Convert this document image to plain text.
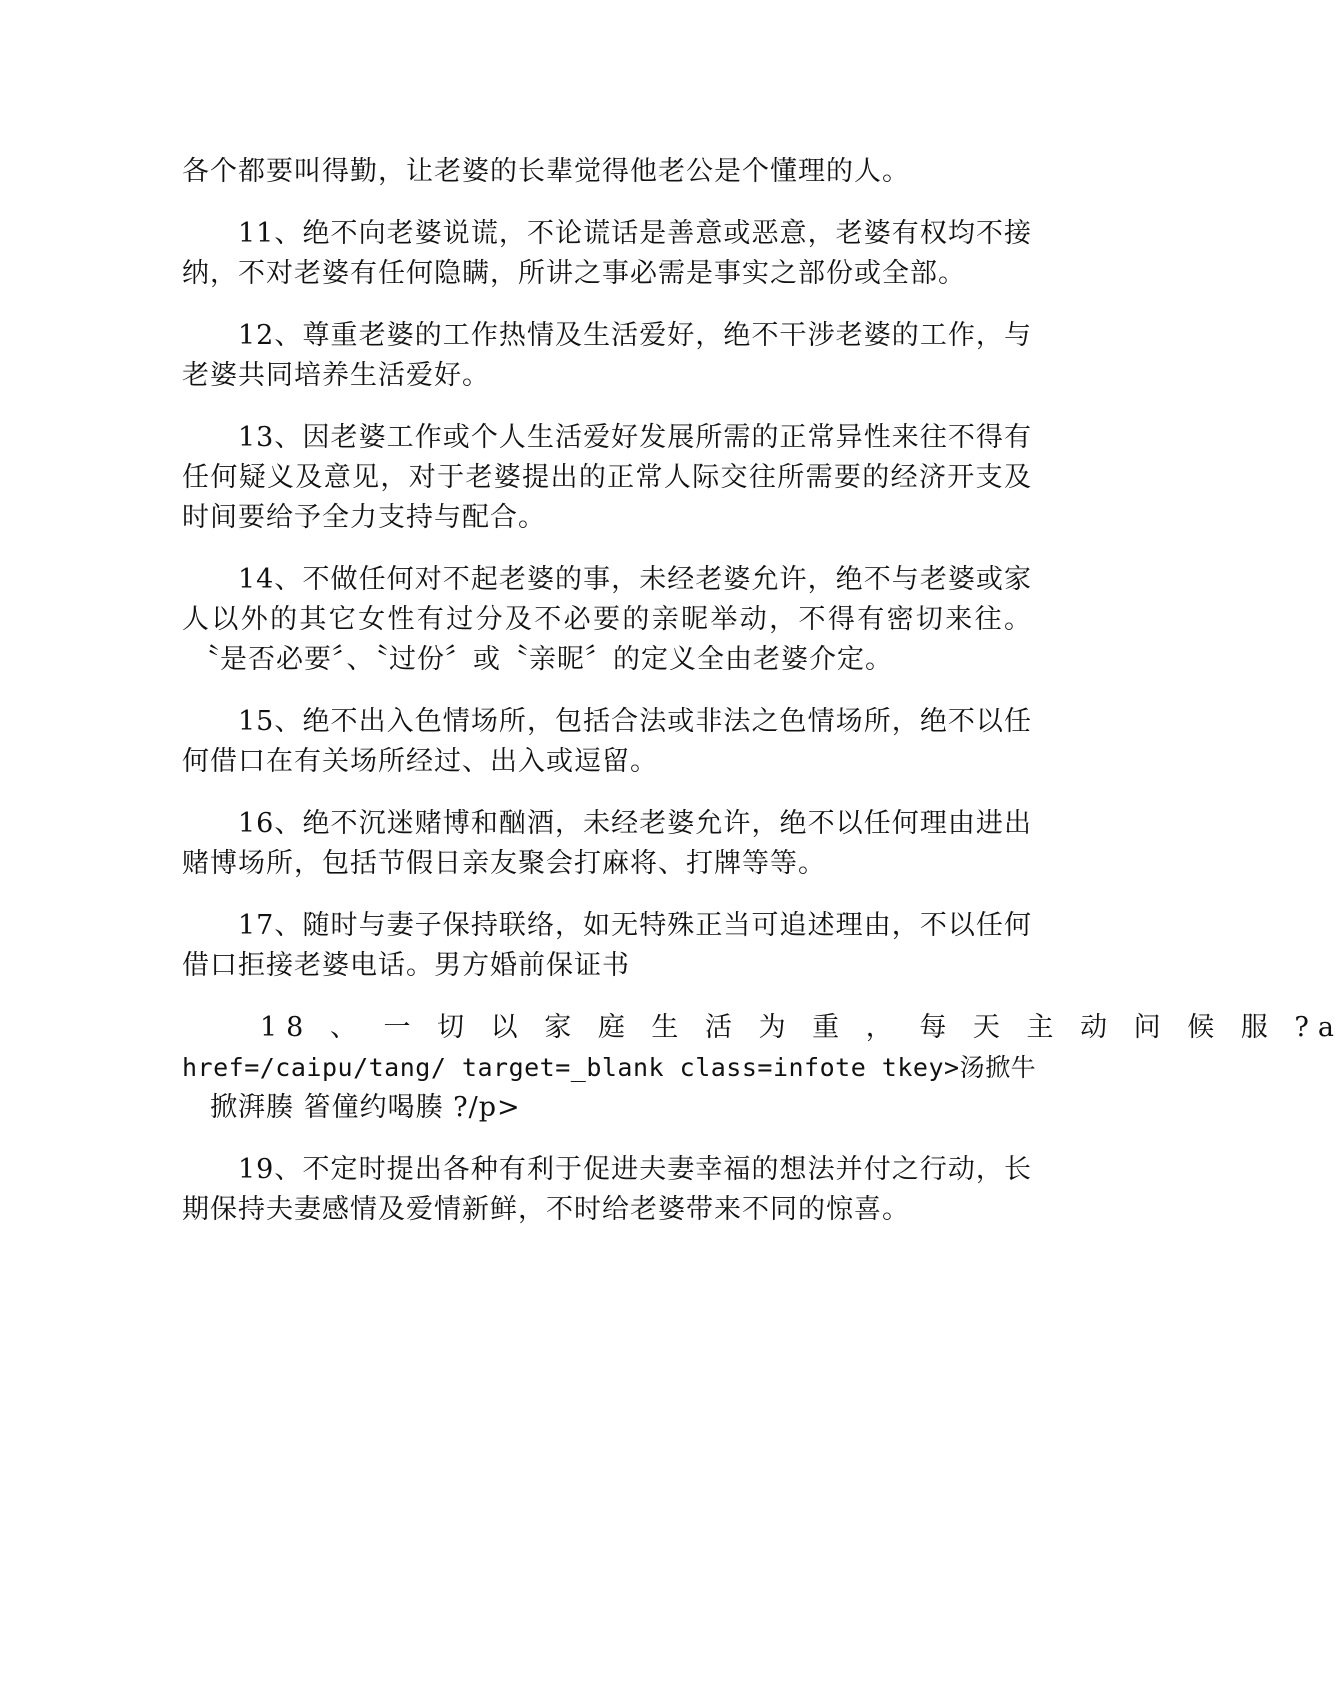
各个都要叫得勤，让老婆的长辈觉得他老公是个懂理的人。

11、绝不向老婆说谎，不论谎话是善意或恶意，老婆有权均不接

纳，不对老婆有任何隐瞒，所讲之事必需是事实之部份或全部。

12、尊重老婆的工作热情及生活爱好，绝不干涉老婆的工作，与

老婆共同培养生活爱好。

13、因老婆工作或个人生活爱好发展所需的正常异性来往不得有

任何疑义及意见，对于老婆提出的正常人际交往所需要的经济开支及

时间要给予全力支持与配合。

14、不做任何对不起老婆的事，未经老婆允许，绝不与老婆或家

人以外的其它女性有过分及不必要的亲昵举动，不得有密切来往。

〝是否必要〞、〝过份〞或〝亲昵〞的定义全由老婆介定。

15、绝不出入色情场所，包括合法或非法之色情场所，绝不以任

何借口在有关场所经过、出入或逗留。

16、绝不沉迷赌博和酗酒，未经老婆允许，绝不以任何理由进出

赌博场所，包括节假日亲友聚会打麻将、打牌等等。

17、随时与妻子保持联络，如无特殊正当可追述理由，不以任何

借口拒接老婆电话。男方婚前保证书

18 、 一 切 以 家 庭 生 活 为 重 ， 每 天 主 动 问 候 服 ?a

href=/caipu/tang/ target=_blank class=infote tkey>汤掀牛

掀湃腠 箵僮约喝腠 ?/p>

19、不定时提出各种有利于促进夫妻幸福的想法并付之行动，长

期保持夫妻感情及爱情新鲜，不时给老婆带来不同的惊喜。
